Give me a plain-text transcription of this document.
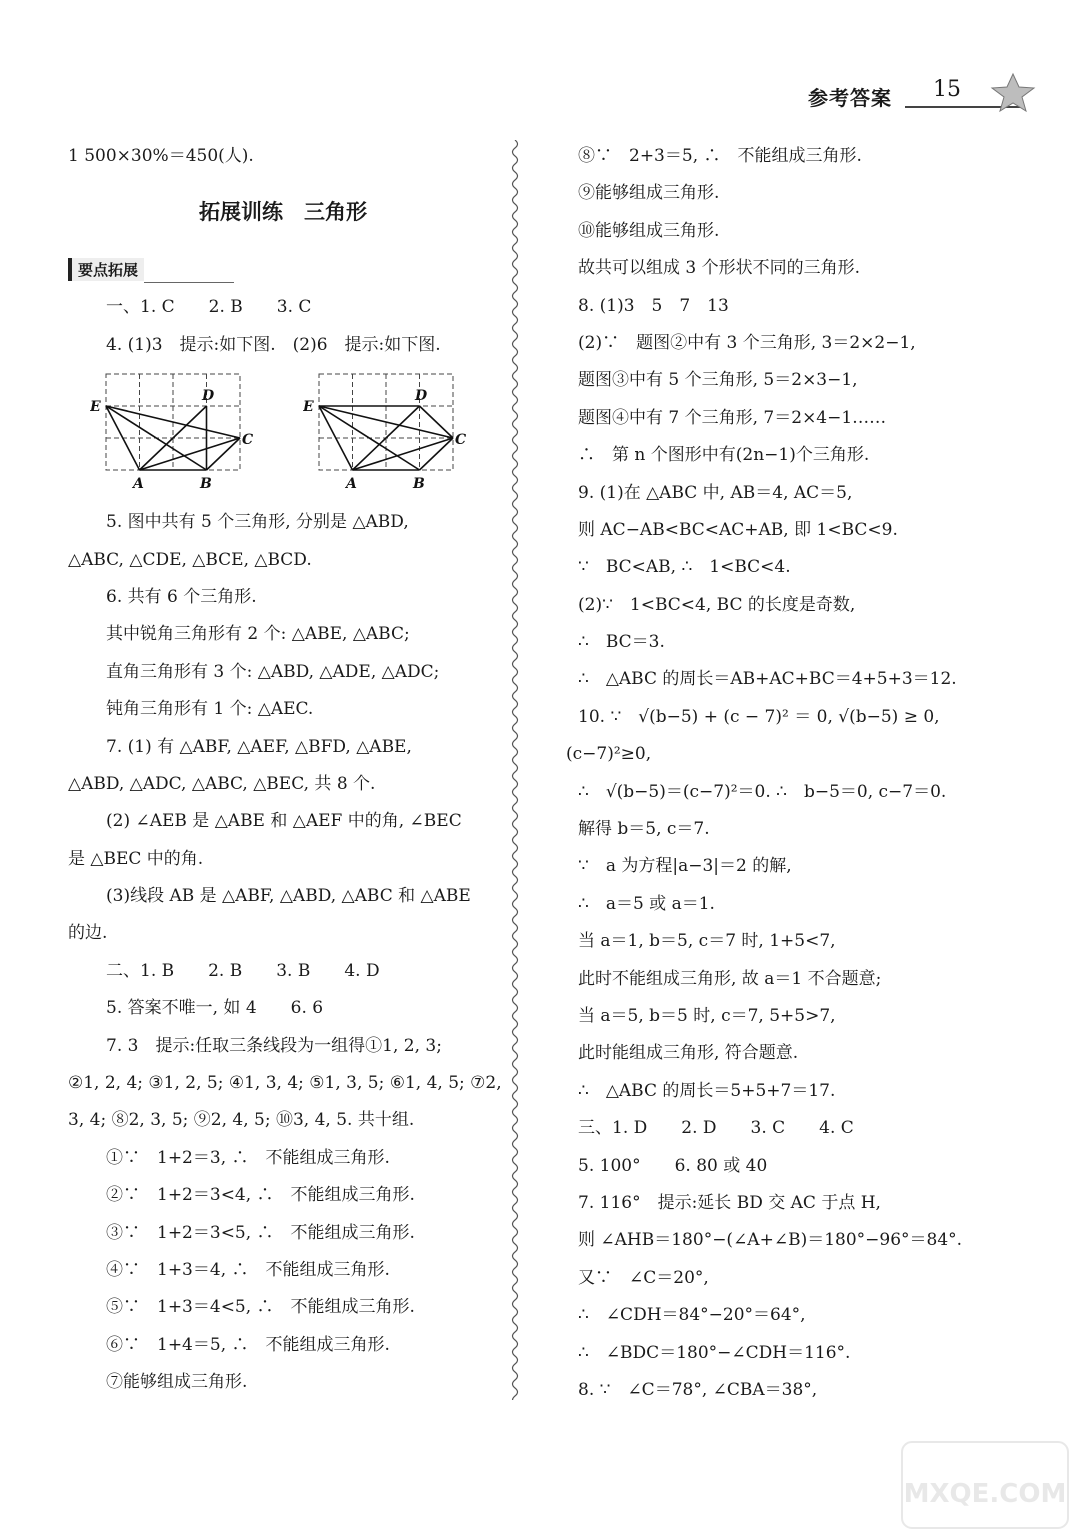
参考答案 15
1 500×30%＝450(人).
拓展训练　三角形
要点拓展
一、1. C　　2. B　　3. C
4. (1)3　提示:如下图.　(2)6　提示:如下图.
E
D
C
A	B
E
D
C
A	B
5. 图中共有 5 个三角形, 分别是 △ABD,
△ABC, △CDE, △BCE, △BCD.
6. 共有 6 个三角形.
其中锐角三角形有 2 个: △ABE, △ABC;
直角三角形有 3 个: △ABD, △ADE, △ADC;
钝角三角形有 1 个: △AEC.
7. (1) 有 △ABF, △AEF, △BFD, △ABE,
△ABD, △ADC, △ABC, △BEC, 共 8 个.
(2) ∠AEB 是 △ABE 和 △AEF 中的角, ∠BEC
是 △BEC 中的角.
(3)线段 AB 是 △ABF, △ABD, △ABC 和 △ABE
的边.
二、1. B　　2. B　　3. B　　4. D
5. 答案不唯一, 如 4　　6. 6
7. 3　提示:任取三条线段为一组得①1, 2, 3;
②1, 2, 4; ③1, 2, 5; ④1, 3, 4; ⑤1, 3, 5; ⑥1, 4, 5; ⑦2,
3, 4; ⑧2, 3, 5; ⑨2, 4, 5; ⑩3, 4, 5. 共十组.
①∵　1+2＝3, ∴　不能组成三角形.
②∵　1+2＝3<4, ∴　不能组成三角形.
③∵　1+2＝3<5, ∴　不能组成三角形.
④∵　1+3＝4, ∴　不能组成三角形.
⑤∵　1+3＝4<5, ∴　不能组成三角形.
⑥∵　1+4＝5, ∴　不能组成三角形.
⑦能够组成三角形.
⑧∵　2+3＝5, ∴　不能组成三角形.
⑨能够组成三角形.
⑩能够组成三角形.
故共可以组成 3 个形状不同的三角形.
8. (1)3　5　7　13
(2)∵　题图②中有 3 个三角形, 3＝2×2−1,
题图③中有 5 个三角形, 5＝2×3−1,
题图④中有 7 个三角形, 7＝2×4−1……
∴　第 n 个图形中有(2n−1)个三角形.
9. (1)在 △ABC 中, AB＝4, AC＝5,
则 AC−AB<BC<AC+AB, 即 1<BC<9.
∵　BC<AB, ∴　1<BC<4.
(2)∵　1<BC<4, BC 的长度是奇数,
∴　BC＝3.
∴　△ABC 的周长＝AB+AC+BC＝4+5+3＝12.
10. ∵　√(b−5) + (c − 7)² ＝ 0, √(b−5) ≥ 0,
(c−7)²≥0,
∴　√(b−5)＝(c−7)²＝0. ∴　b−5＝0, c−7＝0.
解得 b＝5, c＝7.
∵　a 为方程|a−3|＝2 的解,
∴　a＝5 或 a＝1.
当 a＝1, b＝5, c＝7 时, 1+5<7,
此时不能组成三角形, 故 a＝1 不合题意;
当 a＝5, b＝5 时, c＝7, 5+5>7,
此时能组成三角形, 符合题意.
∴　△ABC 的周长＝5+5+7＝17.
三、1. D　　2. D　　3. C　　4. C
5. 100°　　6. 80 或 40
7. 116°　提示:延长 BD 交 AC 于点 H,
则 ∠AHB＝180°−(∠A+∠B)＝180°−96°＝84°.
又∵　∠C＝20°,
∴　∠CDH＝84°−20°＝64°,
∴　∠BDC＝180°−∠CDH＝116°.
8. ∵　∠C＝78°, ∠CBA＝38°,
MXQE.COM
